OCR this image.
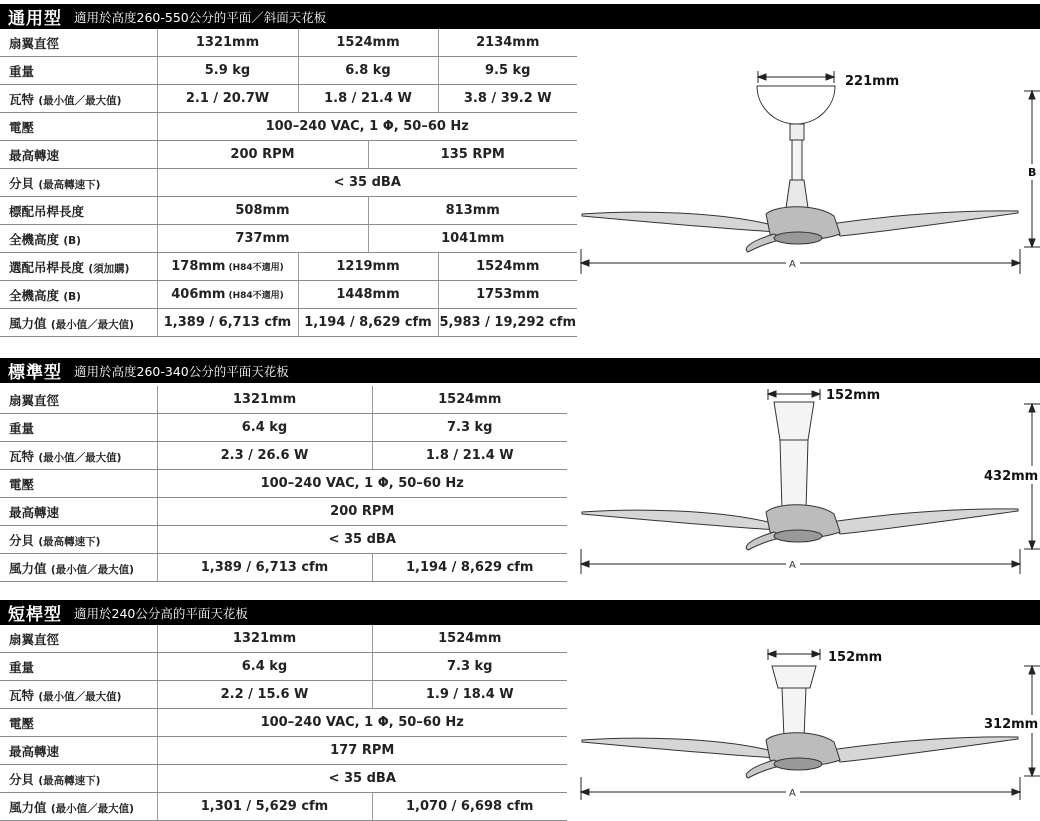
通用型 適用於高度260-550公分的平面／斜面天花板
扇翼直徑	1321mm	1524mm		2134mm
重量	5.9 kg	6.8 kg		9.5 kg
瓦特 (最小值／最大值)	2.1 / 20.7W	1.8 / 21.4 W		3.8 / 39.2 W
電壓	100–240 VAC, 1 Φ, 50–60 Hz			
最高轉速	200 RPM		135 RPM	
分貝 (最高轉速下)	< 35 dBA			
標配吊桿長度	508mm		813mm	
全機高度 (B)	737mm		1041mm	
選配吊桿長度 (須加購)	178mm (H84不適用)	1219mm		1524mm
全機高度 (B)	406mm (H84不適用)	1448mm		1753mm
風力值 (最小值／最大值)	1,389 / 6,713 cfm	1,194 / 8,629 cfm		5,983 / 19,292 cfm
221mm
B
A
標準型 適用於高度260-340公分的平面天花板
扇翼直徑	1321mm	1524mm
重量	6.4 kg	7.3 kg
瓦特 (最小值／最大值)	2.3 / 26.6 W	1.8 / 21.4 W
電壓	100–240 VAC, 1 Φ, 50–60 Hz	
最高轉速	200 RPM	
分貝 (最高轉速下)	< 35 dBA	
風力值 (最小值／最大值)	1,389 / 6,713 cfm	1,194 / 8,629 cfm
152mm
432mm
A
短桿型 適用於240公分高的平面天花板
扇翼直徑	1321mm	1524mm
重量	6.4 kg	7.3 kg
瓦特 (最小值／最大值)	2.2 / 15.6 W	1.9 / 18.4 W
電壓	100–240 VAC, 1 Φ, 50–60 Hz	
最高轉速	177 RPM	
分貝 (最高轉速下)	< 35 dBA	
風力值 (最小值／最大值)	1,301 / 5,629 cfm	1,070 / 6,698 cfm
152mm
312mm
A
